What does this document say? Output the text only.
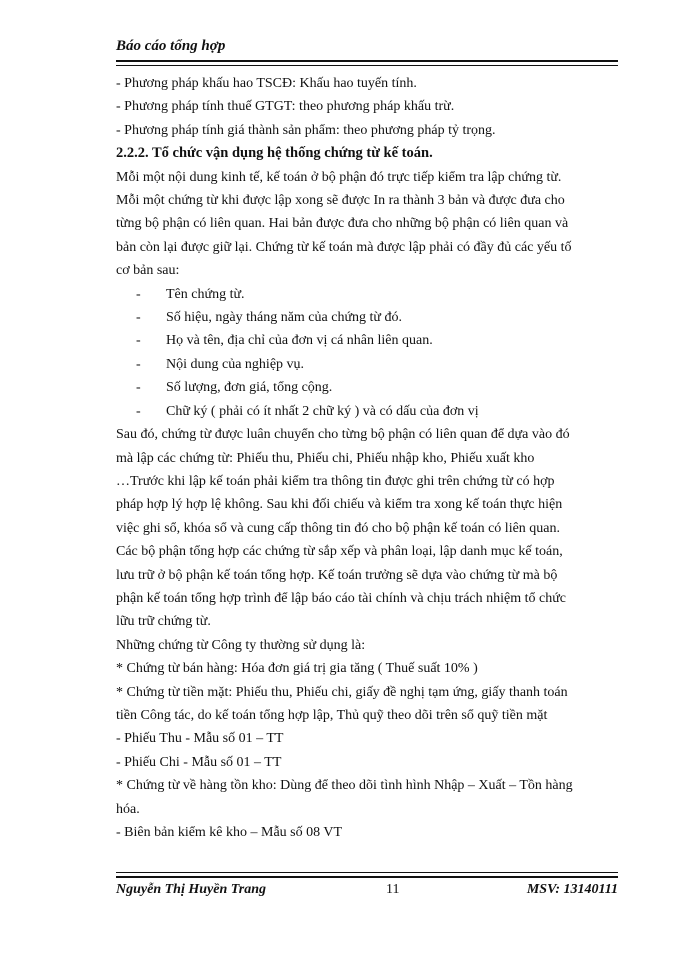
Báo cáo tổng hợp
- Phương pháp khấu hao TSCĐ: Khấu hao tuyến tính.
- Phương pháp tính thuế GTGT: theo phương pháp khấu trừ.
- Phương pháp tính giá thành sản phẩm: theo phương pháp tỷ trọng.
2.2.2. Tổ chức vận dụng hệ thống chứng từ kế toán.
Mỗi một nội dung kinh tế, kế toán ở bộ phận đó trực tiếp kiểm tra lập chứng từ.
Mỗi một chứng từ khi được lập xong sẽ được In ra thành 3 bản và được đưa cho
từng bộ phận có liên quan. Hai bản được đưa cho những bộ phận có liên quan và
bản còn lại được giữ lại. Chứng từ kế toán mà được lập phải có đầy đủ các yếu tố
cơ bản sau:
-	Tên chứng từ.
-	Số hiệu, ngày tháng năm của chứng từ đó.
-	Họ và tên, địa chỉ của đơn vị cá nhân liên quan.
-	Nội dung của nghiệp vụ.
-	Số lượng, đơn giá, tổng cộng.
-	Chữ ký ( phải có ít nhất 2 chữ ký ) và có dấu của đơn vị
Sau đó, chứng từ được luân chuyển cho từng bộ phận có liên quan để dựa vào đó
mà lập các chứng từ: Phiếu thu, Phiếu chi, Phiếu nhập kho, Phiếu xuất kho
…Trước khi lập kế toán phải kiểm tra thông tin được ghi trên chứng từ có hợp
pháp hợp lý hợp lệ không. Sau khi đối chiếu và kiểm tra xong kế toán thực hiện
việc ghi sổ, khóa sổ và cung cấp thông tin đó cho bộ phận kế toán có liên quan.
Các bộ phận tổng hợp các chứng từ sắp xếp và phân loại, lập danh mục kế toán,
lưu trữ ở bộ phận kế toán tổng hợp. Kế toán trưởng sẽ dựa vào chứng từ mà bộ
phận kế toán tổng hợp trình để lập báo cáo tài chính và chịu trách nhiệm tổ chức
lữu trữ chứng từ.
Những chứng từ Công ty thường sử dụng là:
* Chứng từ bán hàng: Hóa đơn giá trị gia tăng ( Thuế suất 10% )
* Chứng từ tiền mặt: Phiếu thu, Phiếu chi, giấy đề nghị tạm ứng, giấy thanh toán
tiền Công tác, do kế toán tổng hợp lập, Thủ quỹ theo dõi trên sổ quỹ tiền mặt
- Phiếu Thu - Mẫu số 01 – TT
- Phiếu Chi - Mẫu số 01 – TT
* Chứng từ về hàng tồn kho: Dùng để theo dõi tình hình Nhập – Xuất – Tồn hàng
hóa.
- Biên bản kiểm kê kho – Mẫu số 08 VT
Nguyễn Thị Huyền Trang	11	MSV: 13140111
